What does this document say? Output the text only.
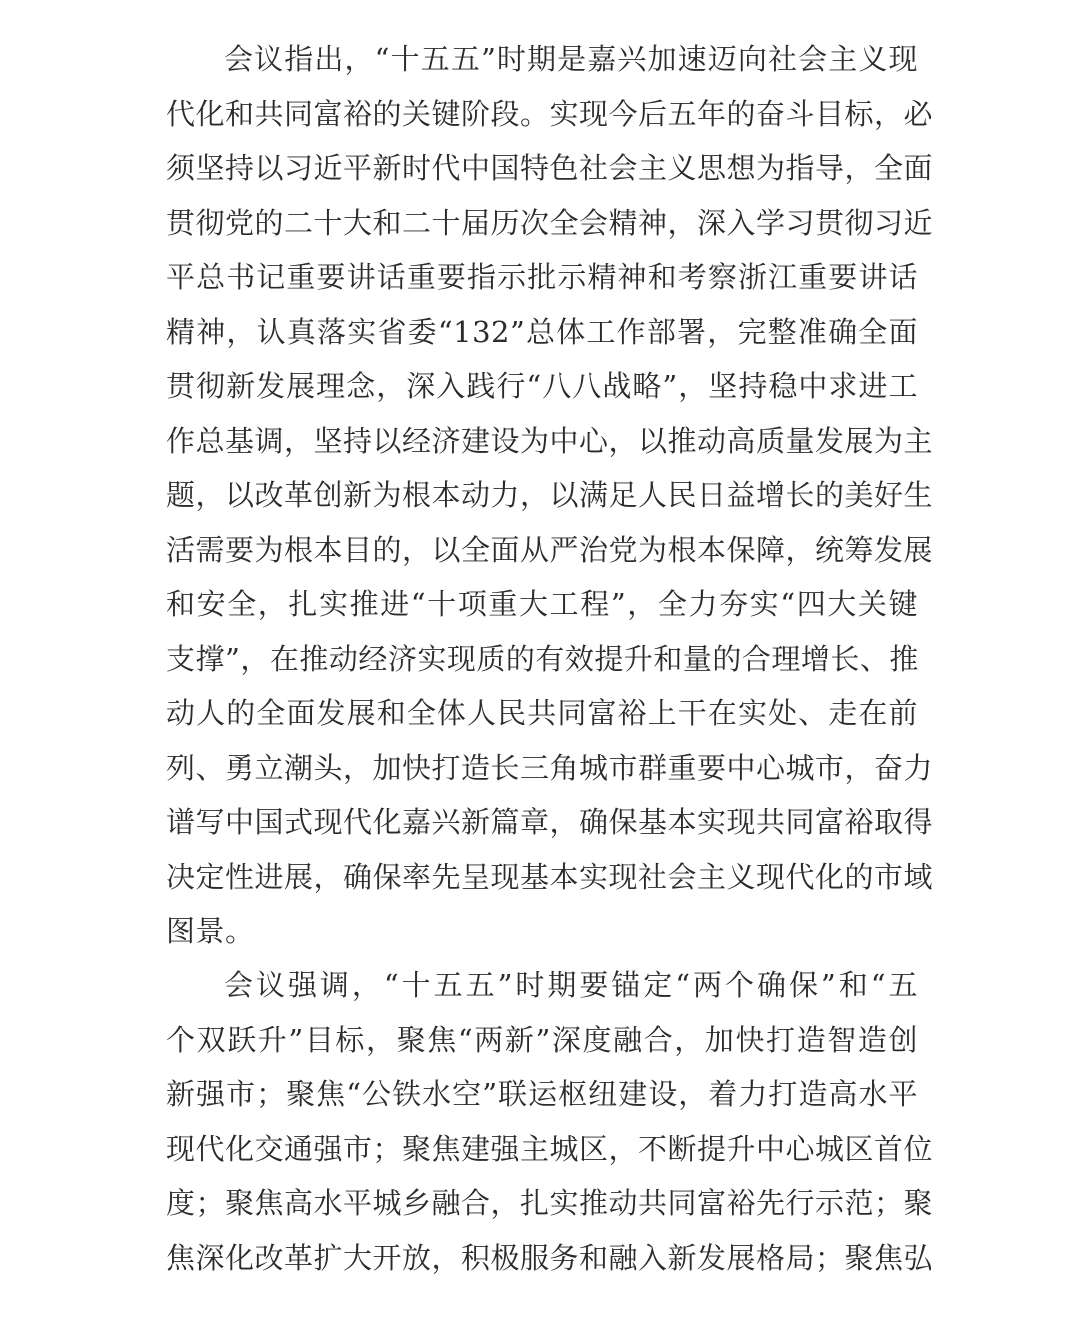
会议指出，“十五五”时期是嘉兴加速迈向社会主义现
代化和共同富裕的关键阶段。实现今后五年的奋斗目标，必
须坚持以习近平新时代中国特色社会主义思想为指导，全面
贯彻党的二十大和二十届历次全会精神，深入学习贯彻习近
平总书记重要讲话重要指示批示精神和考察浙江重要讲话
精神，认真落实省委“132”总体工作部署，完整准确全面
贯彻新发展理念，深入践行“八八战略”，坚持稳中求进工
作总基调，坚持以经济建设为中心，以推动高质量发展为主
题，以改革创新为根本动力，以满足人民日益增长的美好生
活需要为根本目的，以全面从严治党为根本保障，统筹发展
和安全，扎实推进“十项重大工程”，全力夯实“四大关键
支撑”，在推动经济实现质的有效提升和量的合理增长、推
动人的全面发展和全体人民共同富裕上干在实处、走在前
列、勇立潮头，加快打造长三角城市群重要中心城市，奋力
谱写中国式现代化嘉兴新篇章，确保基本实现共同富裕取得
决定性进展，确保率先呈现基本实现社会主义现代化的市域
图景。
会议强调，“十五五”时期要锚定“两个确保”和“五
个双跃升”目标，聚焦“两新”深度融合，加快打造智造创
新强市；聚焦“公铁水空”联运枢纽建设，着力打造高水平
现代化交通强市；聚焦建强主城区，不断提升中心城区首位
度；聚焦高水平城乡融合，扎实推动共同富裕先行示范；聚
焦深化改革扩大开放，积极服务和融入新发展格局；聚焦弘
